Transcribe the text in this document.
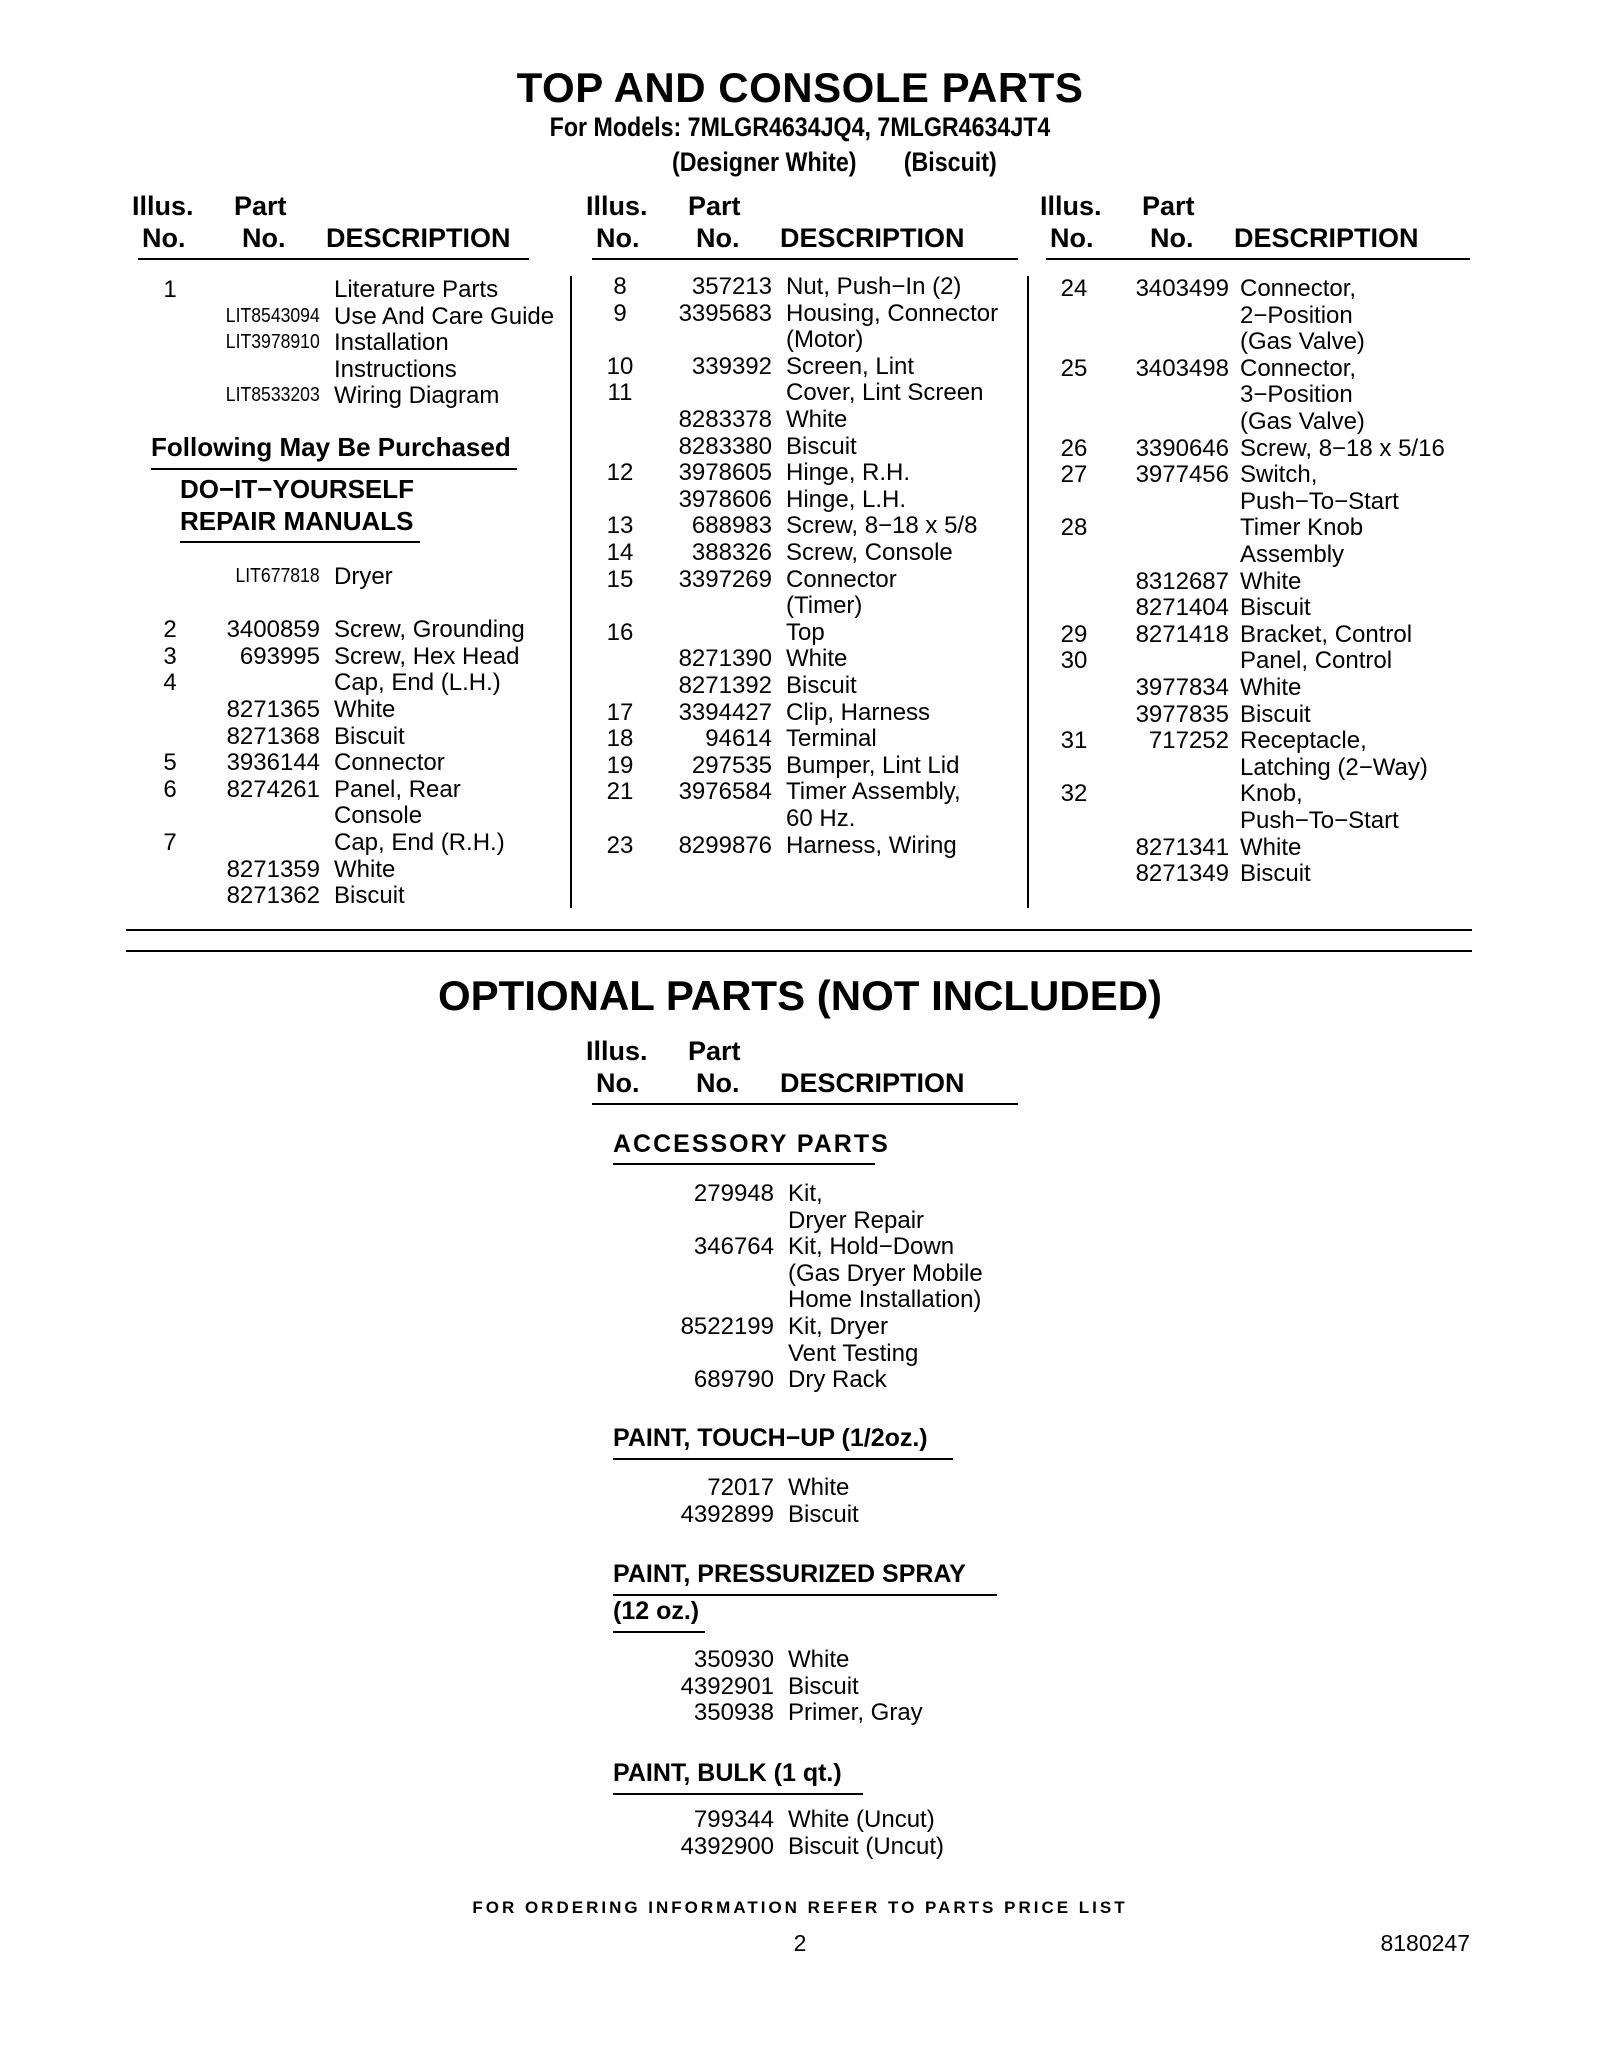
TOP AND CONSOLE PARTS
For Models: 7MLGR4634JQ4, 7MLGR4634JT4
(Designer White) (Biscuit)
Illus.
No.
Part
No. DESCRIPTION
Illus.
No.
Part
No. DESCRIPTION
Illus.
No.
Part
No. DESCRIPTION
1	Literature Parts
LIT8543094 Use And Care Guide
LIT3978910 Installation
Instructions
LIT8533203 Wiring Diagram
LIT677818 Dryer
2	3400859 Screw, Grounding
3	693995 Screw, Hex Head
4	Cap, End (L.H.)
8271365 White
8271368 Biscuit
5	3936144 Connector
6	8274261 Panel, Rear
Console
7	Cap, End (R.H.)
8271359 White
8271362 Biscuit
8	357213 Nut, Push−In (2)
9	3395683 Housing, Connector
(Motor)
10 339392 Screen, Lint
11	Cover, Lint Screen
8283378 White
8283380 Biscuit
12 3978605 Hinge, R.H.
3978606 Hinge, L.H.
13 688983 Screw, 8−18 x 5/8
14 388326 Screw, Console
15 3397269 Connector
(Timer)
16	Top
8271390 White
8271392 Biscuit
17 3394427 Clip, Harness
18	94614 Terminal
19 297535 Bumper, Lint Lid
21 3976584 Timer Assembly,
60 Hz.
23 8299876 Harness, Wiring
24 3403499 Connector,
2−Position
(Gas Valve)
25 3403498 Connector,
3−Position
(Gas Valve)
26 3390646 Screw, 8−18 x 5/16
27 3977456 Switch,
Push−To−Start
28	Timer Knob
Assembly
8312687 White
8271404 Biscuit
29 8271418 Bracket, Control
30	Panel, Control
3977834 White
3977835 Biscuit
31	717252 Receptacle,
Latching (2−Way)
32	Knob,
Push−To−Start
8271341 White
8271349 Biscuit
Following May Be Purchased
DO−IT−YOURSELF
REPAIR MANUALS
OPTIONAL PARTS (NOT INCLUDED)
Illus.
No.
Part
No. DESCRIPTION
ACCESSORY PARTS
279948 Kit,
Dryer Repair
346764 Kit, Hold−Down
(Gas Dryer Mobile
Home Installation)
8522199 Kit, Dryer
Vent Testing
689790 Dry Rack
PAINT, TOUCH−UP (1/2oz.)
72017 White
4392899 Biscuit
PAINT, PRESSURIZED SPRAY
(12 oz.)
350930 White
4392901 Biscuit
350938 Primer, Gray
PAINT, BULK (1 qt.)
799344 White (Uncut)
4392900 Biscuit (Uncut)
FOR ORDERING INFORMATION REFER TO PARTS PRICE LIST
2	8180247
